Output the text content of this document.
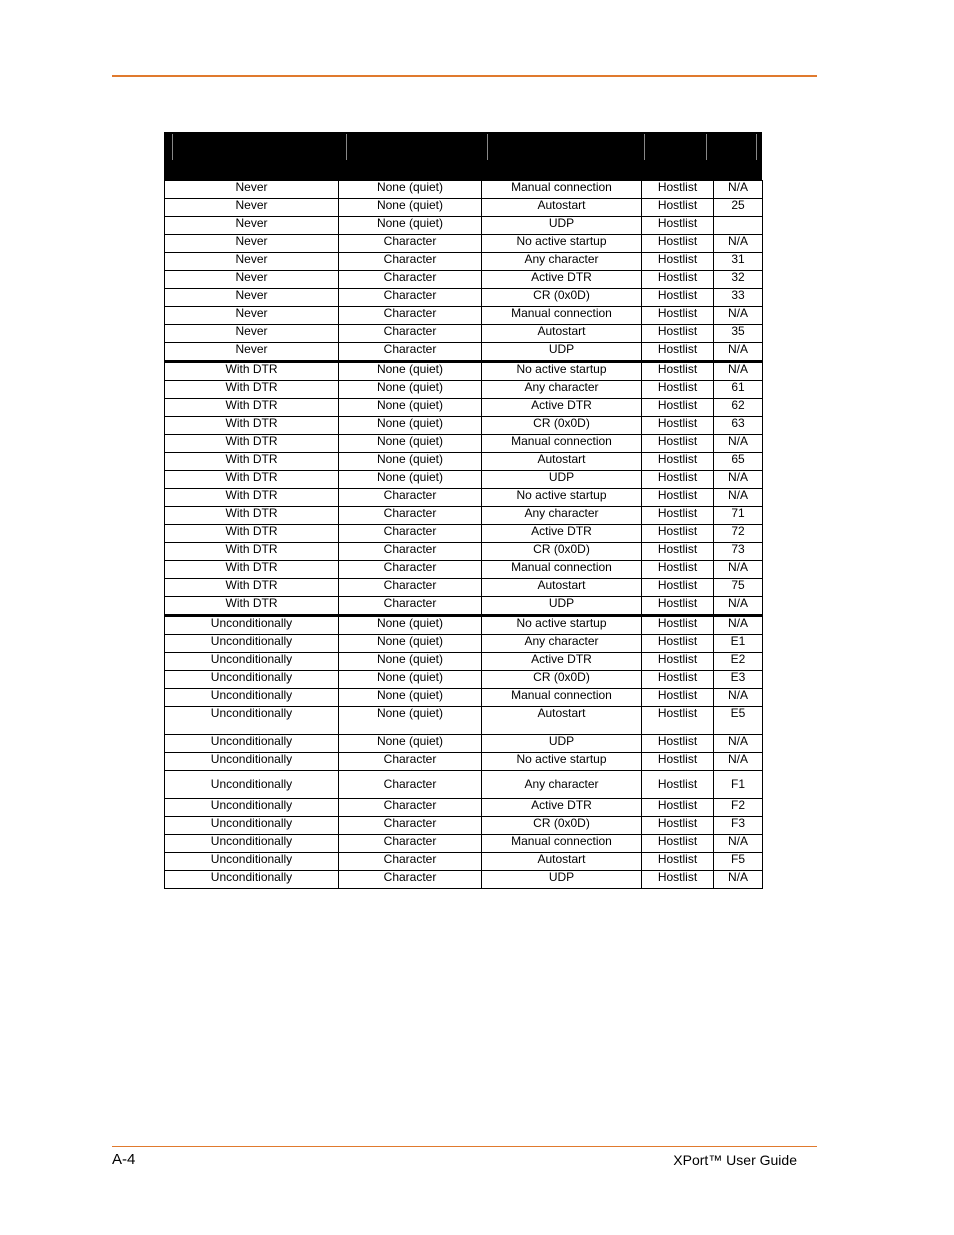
Never	None (quiet)	Manual connection	Hostlist	N/A
Never	None (quiet)	Autostart	Hostlist	25
Never	None (quiet)	UDP	Hostlist	
Never	Character	No active startup	Hostlist	N/A
Never	Character	Any character	Hostlist	31
Never	Character	Active DTR	Hostlist	32
Never	Character	CR (0x0D)	Hostlist	33
Never	Character	Manual connection	Hostlist	N/A
Never	Character	Autostart	Hostlist	35
Never	Character	UDP	Hostlist	N/A
With DTR	None (quiet)	No active startup	Hostlist	N/A
With DTR	None (quiet)	Any character	Hostlist	61
With DTR	None (quiet)	Active DTR	Hostlist	62
With DTR	None (quiet)	CR (0x0D)	Hostlist	63
With DTR	None (quiet)	Manual connection	Hostlist	N/A
With DTR	None (quiet)	Autostart	Hostlist	65
With DTR	None (quiet)	UDP	Hostlist	N/A
With DTR	Character	No active startup	Hostlist	N/A
With DTR	Character	Any character	Hostlist	71
With DTR	Character	Active DTR	Hostlist	72
With DTR	Character	CR (0x0D)	Hostlist	73
With DTR	Character	Manual connection	Hostlist	N/A
With DTR	Character	Autostart	Hostlist	75
With DTR	Character	UDP	Hostlist	N/A
Unconditionally	None (quiet)	No active startup	Hostlist	N/A
Unconditionally	None (quiet)	Any character	Hostlist	E1
Unconditionally	None (quiet)	Active DTR	Hostlist	E2
Unconditionally	None (quiet)	CR (0x0D)	Hostlist	E3
Unconditionally	None (quiet)	Manual connection	Hostlist	N/A
Unconditionally	None (quiet)	Autostart	Hostlist	E5
Unconditionally	None (quiet)	UDP	Hostlist	N/A
Unconditionally	Character	No active startup	Hostlist	N/A
Unconditionally	Character	Any character	Hostlist	F1
Unconditionally	Character	Active DTR	Hostlist	F2
Unconditionally	Character	CR (0x0D)	Hostlist	F3
Unconditionally	Character	Manual connection	Hostlist	N/A
Unconditionally	Character	Autostart	Hostlist	F5
Unconditionally	Character	UDP	Hostlist	N/A
A-4	XPort™ User Guide
